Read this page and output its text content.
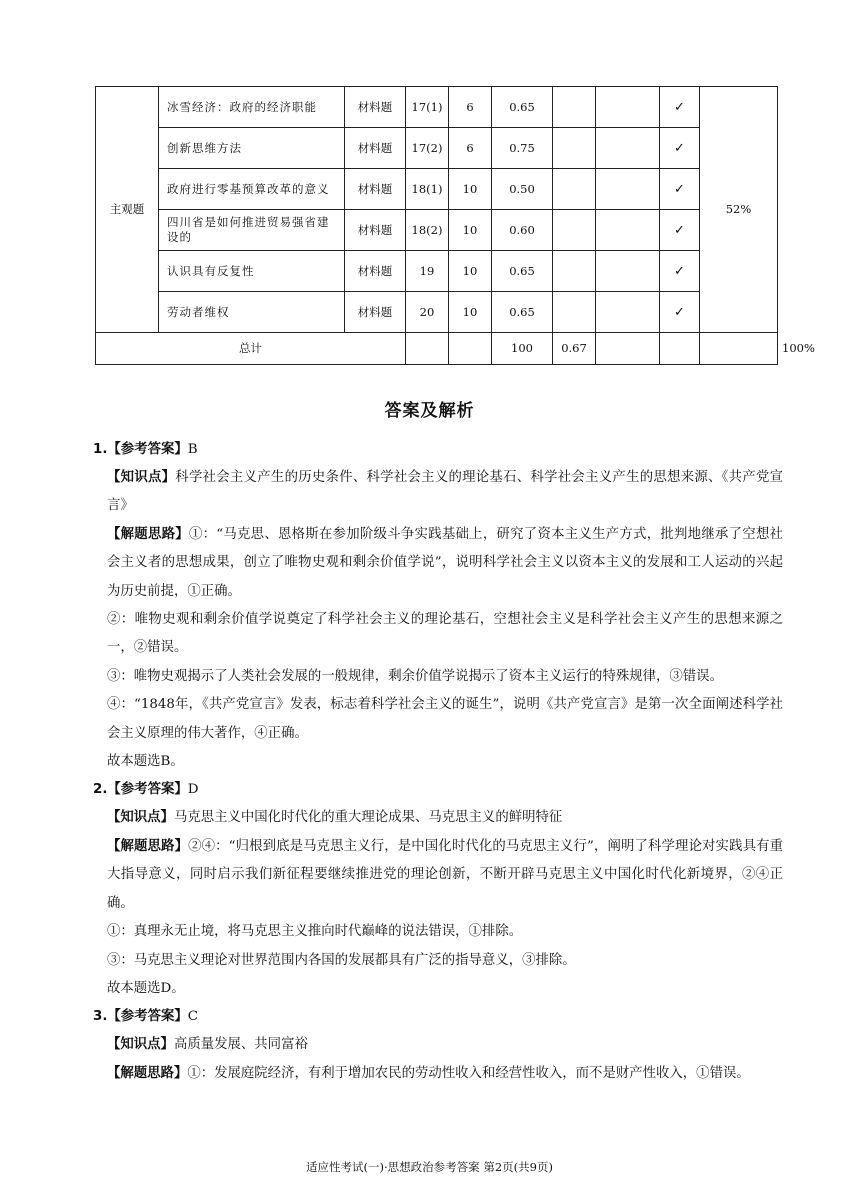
主观题	冰雪经济：政府的经济职能	材料题	17(1)	6	0.65			✓	52%	
	创新思维方法	材料题	17(2)	6	0.75			✓		
	政府进行零基预算改革的意义	材料题	18(1)	10	0.50			✓		
	四川省是如何推进贸易强省建设的	材料题	18(2)	10	0.60			✓		
	认识具有反复性	材料题	19	10	0.65			✓		
	劳动者维权	材料题	20	10	0.65			✓		
总计					100	0.67				100%
答案及解析
1.【参考答案】B
【知识点】科学社会主义产生的历史条件、科学社会主义的理论基石、科学社会主义产生的思想来源、《共产党宣言》
【解题思路】①：“马克思、恩格斯在参加阶级斗争实践基础上，研究了资本主义生产方式，批判地继承了空想社会主义者的思想成果，创立了唯物史观和剩余价值学说”，说明科学社会主义以资本主义的发展和工人运动的兴起为历史前提，①正确。
②：唯物史观和剩余价值学说奠定了科学社会主义的理论基石，空想社会主义是科学社会主义产生的思想来源之一，②错误。
③：唯物史观揭示了人类社会发展的一般规律，剩余价值学说揭示了资本主义运行的特殊规律，③错误。
④：“1848年，《共产党宣言》发表，标志着科学社会主义的诞生”，说明《共产党宣言》是第一次全面阐述科学社会主义原理的伟大著作，④正确。
故本题选B。
2.【参考答案】D
【知识点】马克思主义中国化时代化的重大理论成果、马克思主义的鲜明特征
【解题思路】②④：“归根到底是马克思主义行，是中国化时代化的马克思主义行”，阐明了科学理论对实践具有重大指导意义，同时启示我们新征程要继续推进党的理论创新，不断开辟马克思主义中国化时代化新境界，②④正确。
①：真理永无止境，将马克思主义推向时代巅峰的说法错误，①排除。
③：马克思主义理论对世界范围内各国的发展都具有广泛的指导意义，③排除。
故本题选D。
3.【参考答案】C
【知识点】高质量发展、共同富裕
【解题思路】①：发展庭院经济，有利于增加农民的劳动性收入和经营性收入，而不是财产性收入，①错误。
适应性考试(一)·思想政治参考答案 第2页(共9页)
